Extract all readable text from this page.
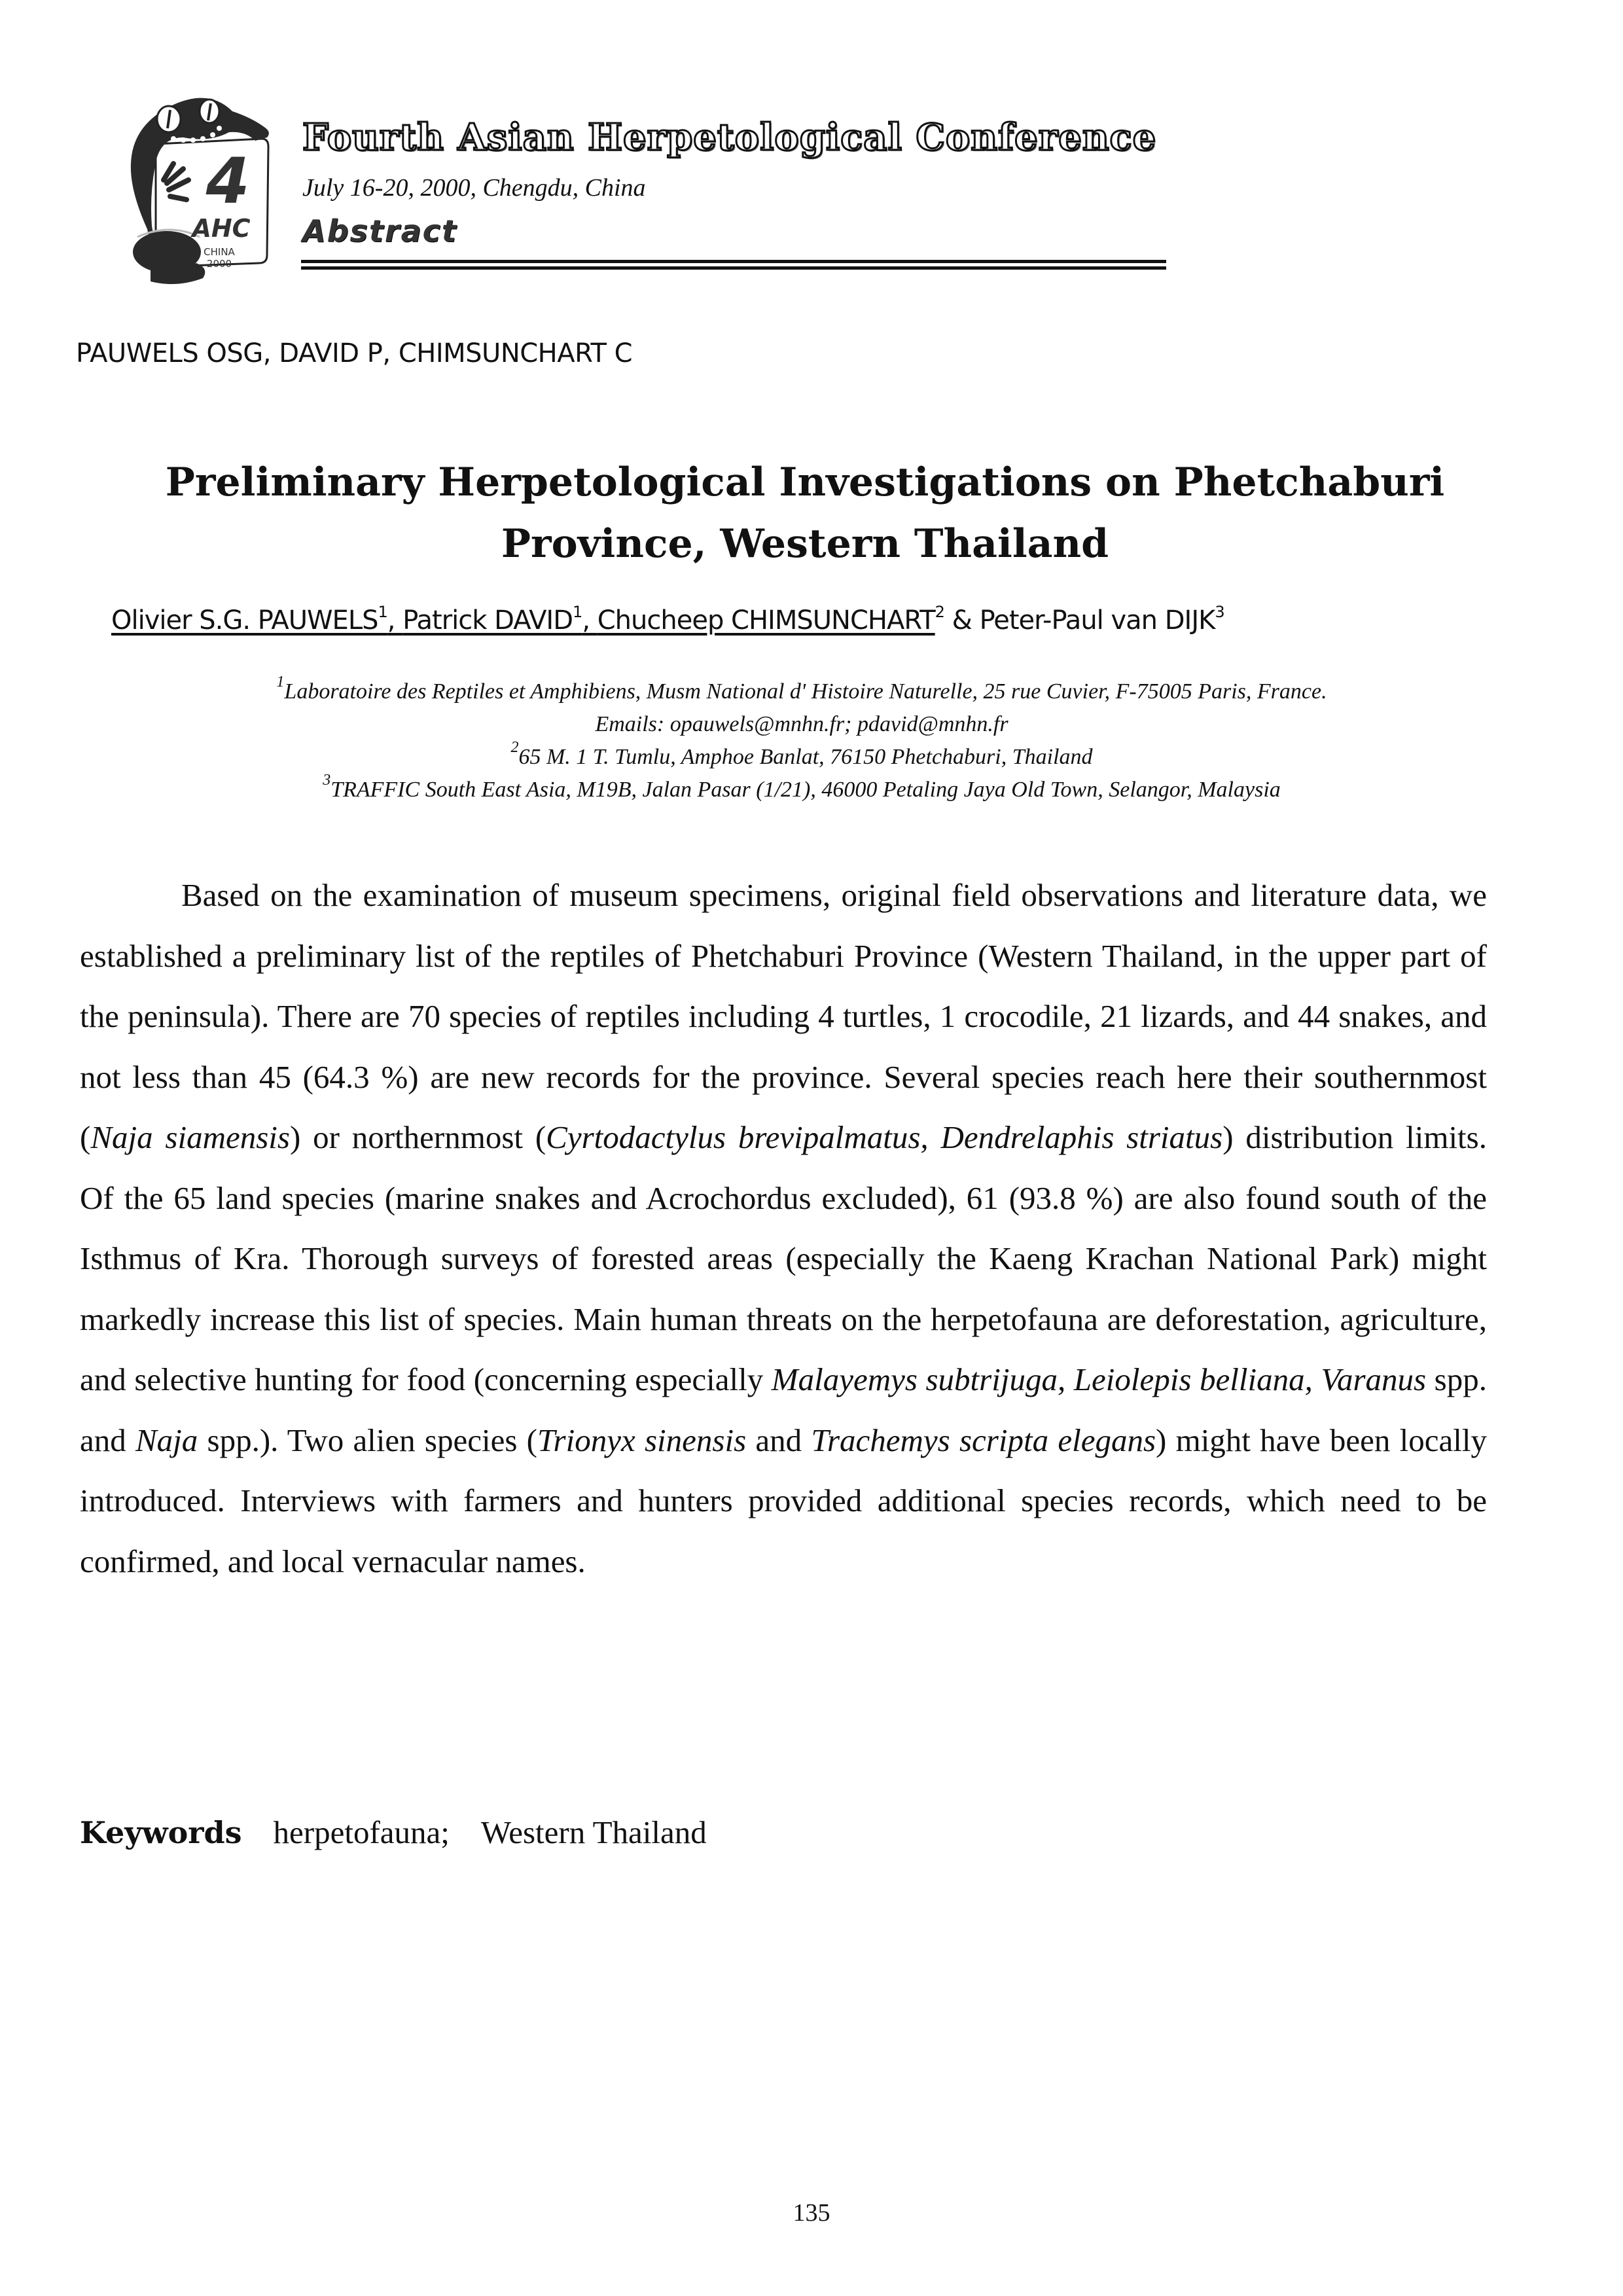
4
AHC
CHINA
2000
Fourth Asian Herpetological Conference
July 16-20, 2000, Chengdu, China
Abstract
PAUWELS OSG, DAVID P, CHIMSUNCHART C
Preliminary Herpetological Investigations on Phetchaburi
Province, Western Thailand
Olivier S.G. PAUWELS$^1$, Patrick DAVID$^1$, Chucheep CHIMSUNCHART$^2$ & Peter-Paul van DIJK$^3$
$^1$Laboratoire des Reptiles et Amphibiens, Musm National d' Histoire Naturelle, 25 rue Cuvier, F-75005 Paris, France.
Emails: opauwels@mnhn.fr; pdavid@mnhn.fr
$^2$65 M. 1 T. Tumlu, Amphoe Banlat, 76150 Phetchaburi, Thailand
$^3$TRAFFIC South East Asia, M19B, Jalan Pasar (1/21), 46000 Petaling Jaya Old Town, Selangor, Malaysia
Based on the examination of museum specimens, original field observations and literature data, we established a preliminary list of the reptiles of Phetchaburi Province (Western Thailand, in the upper part of the peninsula). There are 70 species of reptiles including 4 turtles, 1 crocodile, 21 lizards, and 44 snakes, and not less than 45 (64.3 %) are new records for the province. Several species reach here their southernmost (Naja siamensis) or northernmost (Cyrtodactylus brevipalmatus, Dendrelaphis striatus) distribution limits. Of the 65 land species (marine snakes and Acrochordus excluded), 61 (93.8 %) are also found south of the Isthmus of Kra. Thorough surveys of forested areas (especially the Kaeng Krachan National Park) might markedly increase this list of species. Main human threats on the herpetofauna are deforestation, agriculture, and selective hunting for food (concerning especially Malayemys subtrijuga, Leiolepis belliana, Varanus spp. and Naja spp.). Two alien species (Trionyx sinensis and Trachemys scripta elegans) might have been locally introduced. Interviews with farmers and hunters provided additional species records, which need to be confirmed, and local vernacular names.
Keywords herpetofauna; Western Thailand
135
